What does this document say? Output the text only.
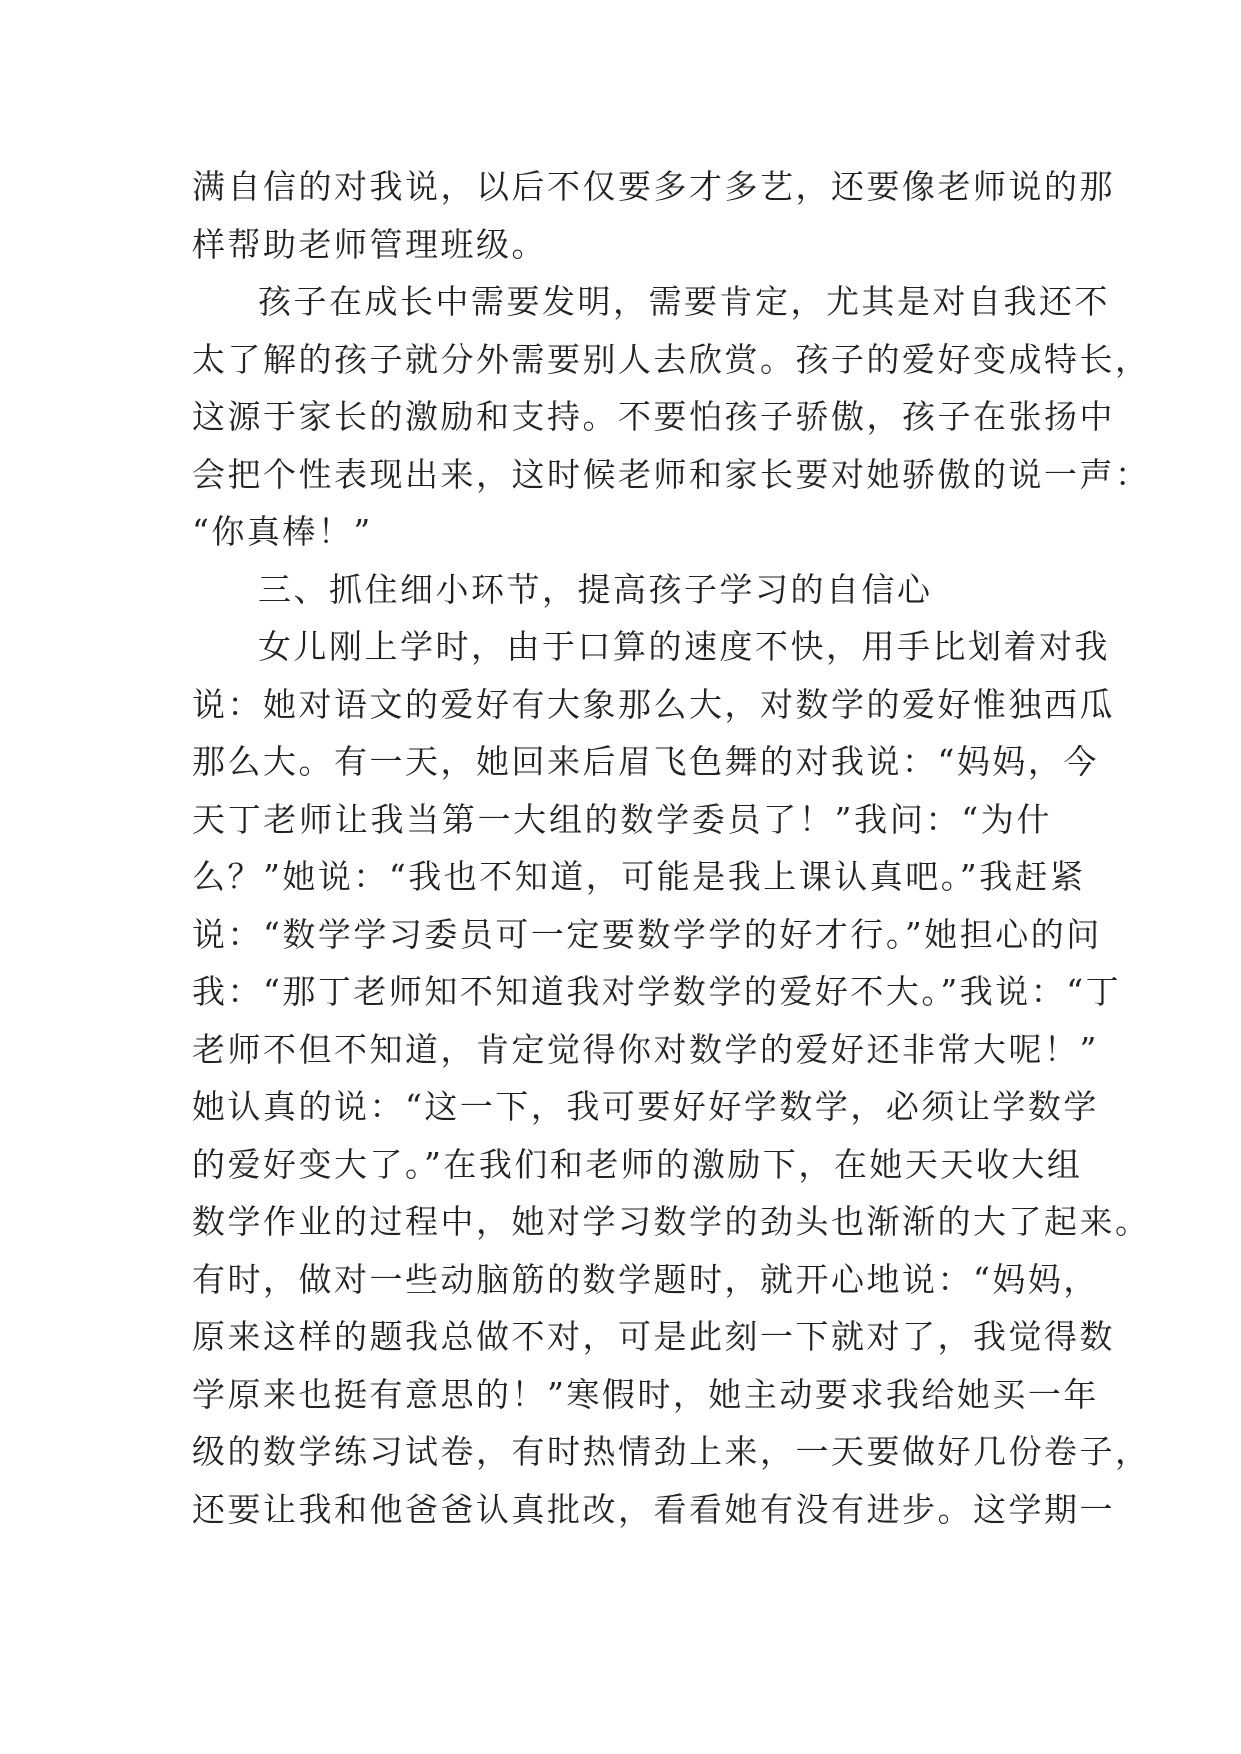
满自信的对我说，以后不仅要多才多艺，还要像老师说的那
样帮助老师管理班级。
孩子在成长中需要发明，需要肯定，尤其是对自我还不
太了解的孩子就分外需要别人去欣赏。孩子的爱好变成特长，
这源于家长的激励和支持。不要怕孩子骄傲，孩子在张扬中
会把个性表现出来，这时候老师和家长要对她骄傲的说一声：
“你真棒！”
三、抓住细小环节，提高孩子学习的自信心
女儿刚上学时，由于口算的速度不快，用手比划着对我
说：她对语文的爱好有大象那么大，对数学的爱好惟独西瓜
那么大。有一天，她回来后眉飞色舞的对我说：“妈妈，今
天丁老师让我当第一大组的数学委员了！”我问：“为什
么？”她说：“我也不知道，可能是我上课认真吧。”我赶紧
说：“数学学习委员可一定要数学学的好才行。”她担心的问
我：“那丁老师知不知道我对学数学的爱好不大。”我说：“丁
老师不但不知道，肯定觉得你对数学的爱好还非常大呢！”
她认真的说：“这一下，我可要好好学数学，必须让学数学
的爱好变大了。”在我们和老师的激励下，在她天天收大组
数学作业的过程中，她对学习数学的劲头也渐渐的大了起来。
有时，做对一些动脑筋的数学题时，就开心地说：“妈妈，
原来这样的题我总做不对，可是此刻一下就对了，我觉得数
学原来也挺有意思的！”寒假时，她主动要求我给她买一年
级的数学练习试卷，有时热情劲上来，一天要做好几份卷子，
还要让我和他爸爸认真批改，看看她有没有进步。这学期一
